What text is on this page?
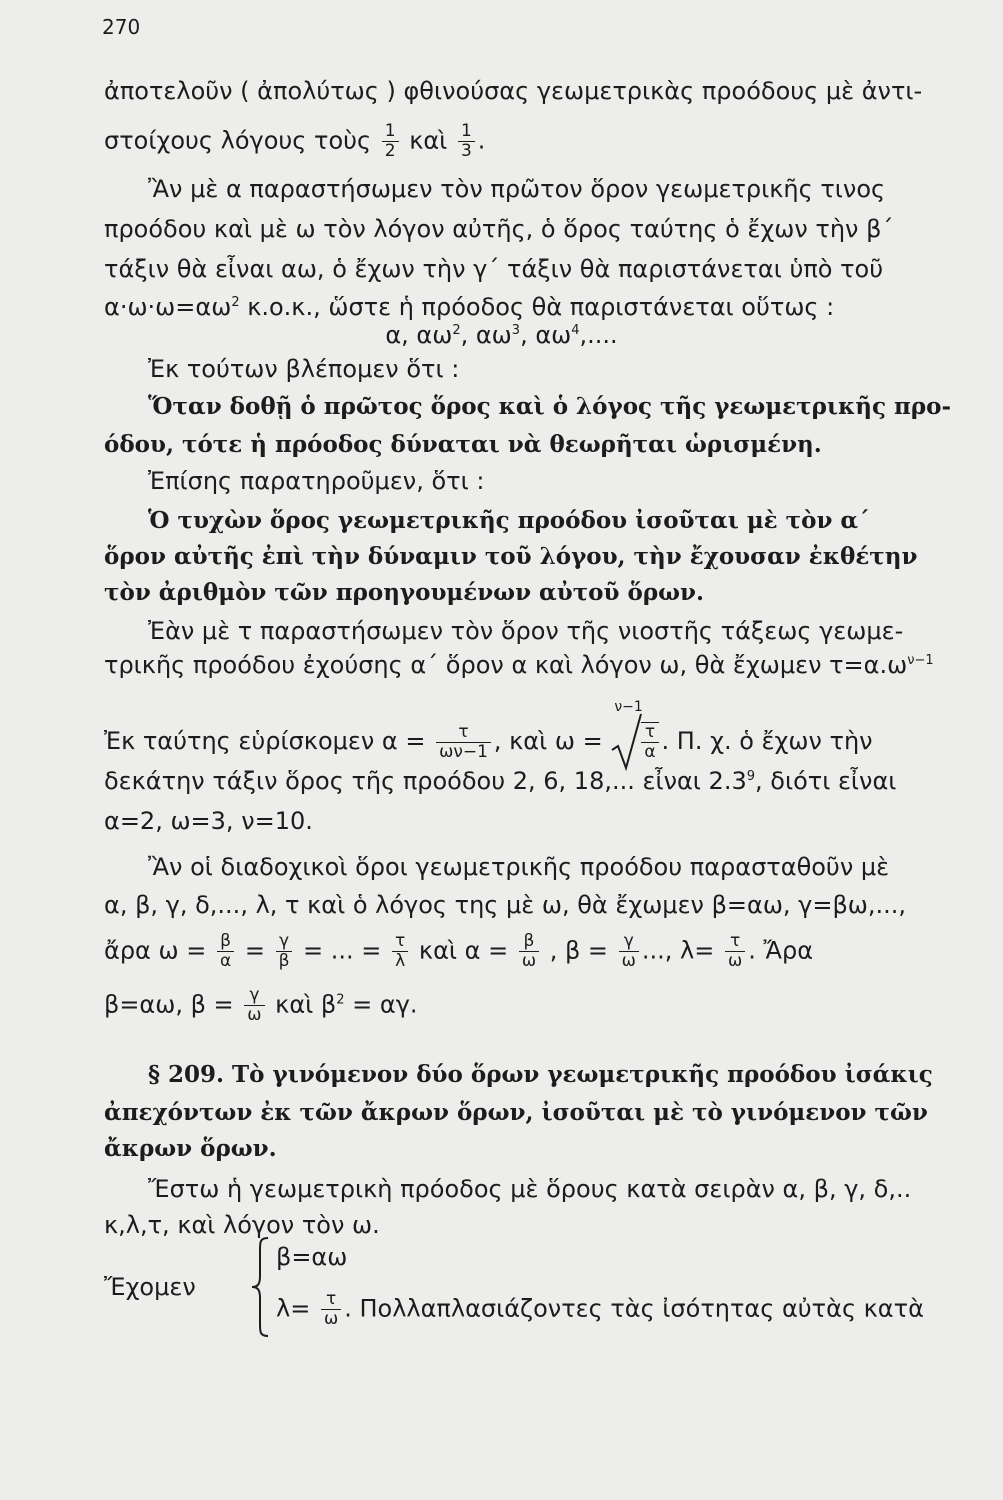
270
ἀποτελοῦν ( ἀπολύτως ) φθινούσας γεωμετρικὰς προόδους μὲ ἀντι-
στοίχους λόγους τοὺς $\frac{1}{2}$ καὶ $\frac{1}{3}$ .
Ἂν μὲ α παραστήσωμεν τὸν πρῶτον ὅρον γεωμετρικῆς τινος
προόδου καὶ μὲ ω τὸν λόγον αὐτῆς, ὁ ὅρος ταύτης ὁ ἔχων τὴν β΄
τάξιν θὰ εἶναι αω, ὁ ἔχων τὴν γ΄ τάξιν θὰ παριστάνεται ὑπὸ τοῦ
$\alpha\cdot\omega\cdot\omega=\alpha\omega^2$ κ.ο.κ., ὥστε ἡ πρόοδος θὰ παριστάνεται οὕτως :
α, $\alpha\omega^2$, $\alpha\omega^3$, $\alpha\omega^4$,....
Ἐκ τούτων βλέπομεν ὅτι :
Ὅταν δοθῇ ὁ πρῶτος ὅρος καὶ ὁ λόγος τῆς γεωμετρικῆς προ-
όδου, τότε ἡ πρόοδος δύναται νὰ θεωρῆται ὡρισμένη.
Ἐπίσης παρατηροῦμεν, ὅτι :
Ὁ τυχὼν ὅρος γεωμετρικῆς προόδου ἰσοῦται μὲ τὸν α΄
ὅρον αὐτῆς ἐπὶ τὴν δύναμιν τοῦ λόγου, τὴν ἔχουσαν ἐκθέτην
τὸν ἀριθμὸν τῶν προηγουμένων αὐτοῦ ὅρων.
Ἐὰν μὲ τ παραστήσωμεν τὸν ὅρον τῆς νιοστῆς τάξεως γεωμε-
τρικῆς προόδου ἐχούσης α΄ ὅρον α καὶ λόγον ω, θὰ ἔχωμεν $\tau=\alpha.\omega^{\nu-1}$
Ἐκ ταύτης εὑρίσκομεν $\alpha = \frac{\tau}{\omega\nu-1}$ , καὶ ω =
ν−1
$\frac{\tau}{\alpha}$ . Π. χ. ὁ ἔχων τὴν
δεκάτην τάξιν ὅρος τῆς προόδου 2, 6, 18,... εἶναι $2.3^9$, διότι εἶναι
α=2, ω=3, ν=10.
Ἂν οἱ διαδοχικοὶ ὅροι γεωμετρικῆς προόδου παρασταθοῦν μὲ
α, β, γ, δ,..., λ, τ καὶ ὁ λόγος της μὲ ω, θὰ ἔχωμεν β=αω, γ=βω,...,
ἄρα $\omega = \frac{\beta}{\alpha} = \frac{\gamma}{\beta}$ = ... = $\frac{\tau}{\lambda}$ καὶ $\alpha = \frac{\beta}{\omega}$ , $\beta = \frac{\gamma}{\omega}$ ..., $\lambda= \frac{\tau}{\omega}$ . Ἄρα
β=αω, $\beta = \frac{\gamma}{\omega}$ καὶ $\beta^2 = \alpha\gamma$.
§ 209. Τὸ γινόμενον δύο ὅρων γεωμετρικῆς προόδου ἰσάκις
ἀπεχόντων ἐκ τῶν ἄκρων ὅρων, ἰσοῦται μὲ τὸ γινόμενον τῶν
ἄκρων ὅρων.
Ἔστω ἡ γεωμετρικὴ πρόοδος μὲ ὅρους κατὰ σειρὰν α, β, γ, δ,..
κ,λ,τ, καὶ λόγον τὸν ω.
Ἔχομεν
β=αω
$\lambda= \frac{\tau}{\omega}$ . Πολλαπλασιάζοντες τὰς ἰσότητας αὐτὰς κατὰ
